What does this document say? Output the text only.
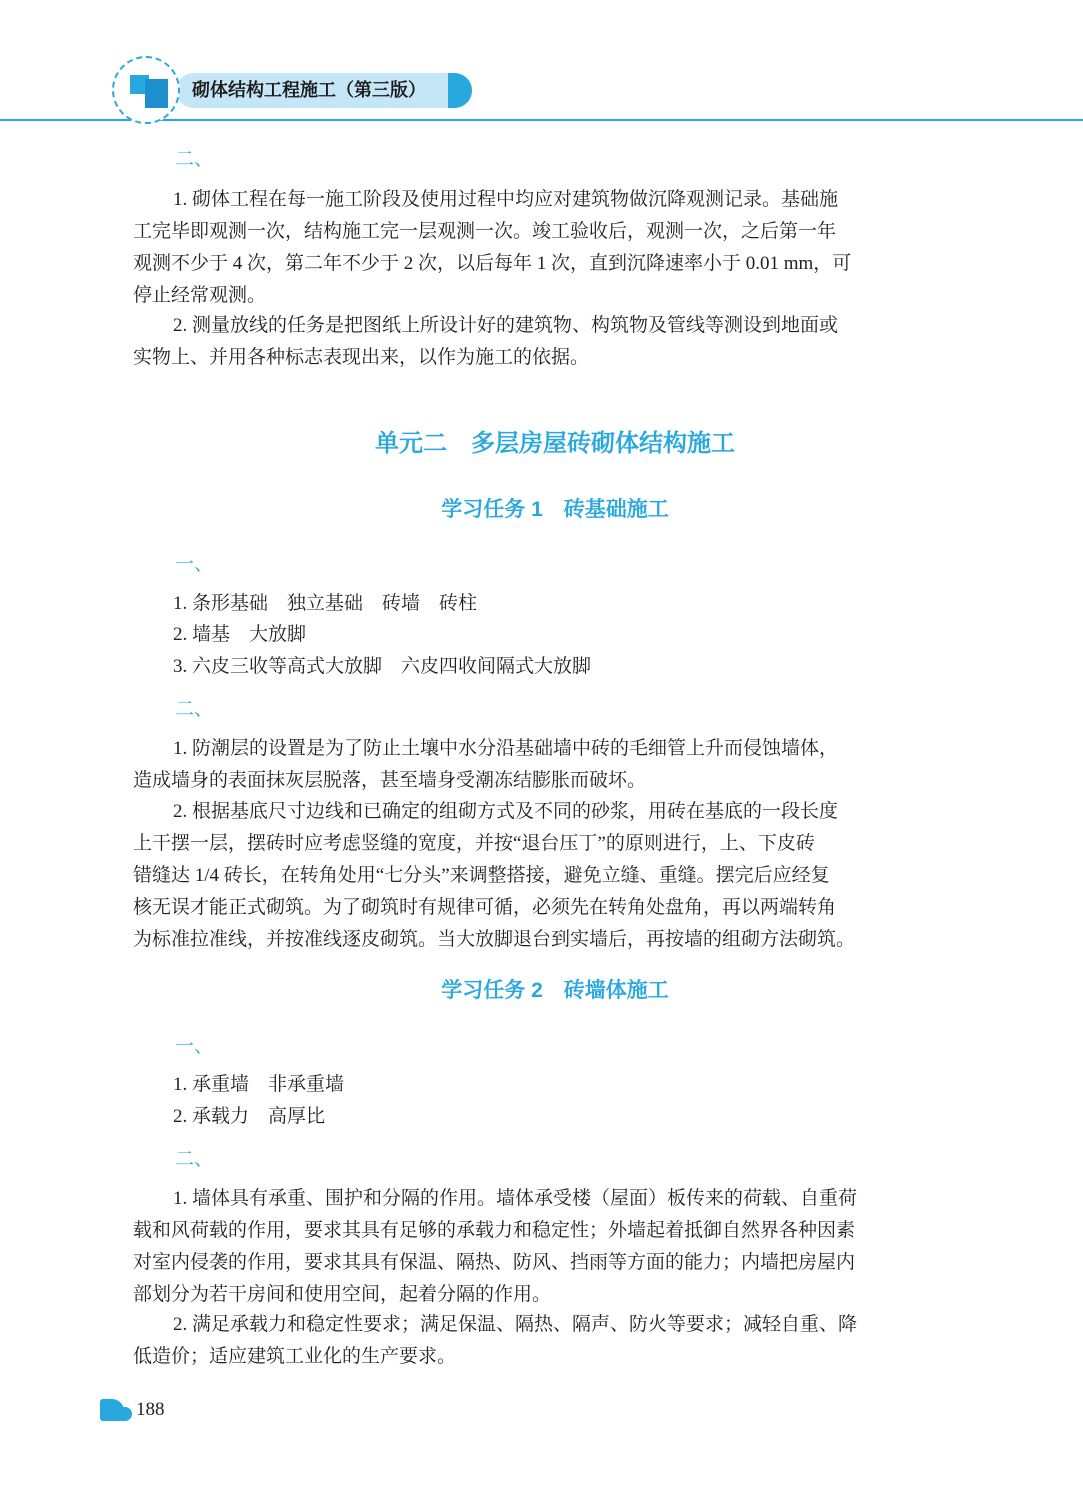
砌体结构工程施工（第三版）
二、
1. 砌体工程在每一施工阶段及使用过程中均应对建筑物做沉降观测记录。基础施
工完毕即观测一次，结构施工完一层观测一次。竣工验收后，观测一次，之后第一年
观测不少于 4 次，第二年不少于 2 次，以后每年 1 次，直到沉降速率小于 0.01 mm，可
停止经常观测。
2. 测量放线的任务是把图纸上所设计好的建筑物、构筑物及管线等测设到地面或
实物上、并用各种标志表现出来，以作为施工的依据。
单元二　多层房屋砖砌体结构施工
学习任务 1　砖基础施工
一、
1. 条形基础　独立基础　砖墙　砖柱
2. 墙基　大放脚
3. 六皮三收等高式大放脚　六皮四收间隔式大放脚
二、
1. 防潮层的设置是为了防止土壤中水分沿基础墙中砖的毛细管上升而侵蚀墙体，
造成墙身的表面抹灰层脱落，甚至墙身受潮冻结膨胀而破坏。
2. 根据基底尺寸边线和已确定的组砌方式及不同的砂浆，用砖在基底的一段长度
上干摆一层，摆砖时应考虑竖缝的宽度，并按“退台压丁”的原则进行，上、下皮砖
错缝达 1/4 砖长，在转角处用“七分头”来调整搭接，避免立缝、重缝。摆完后应经复
核无误才能正式砌筑。为了砌筑时有规律可循，必须先在转角处盘角，再以两端转角
为标准拉准线，并按准线逐皮砌筑。当大放脚退台到实墙后，再按墙的组砌方法砌筑。
学习任务 2　砖墙体施工
一、
1. 承重墙　非承重墙
2. 承载力　高厚比
二、
1. 墙体具有承重、围护和分隔的作用。墙体承受楼（屋面）板传来的荷载、自重荷
载和风荷载的作用，要求其具有足够的承载力和稳定性；外墙起着抵御自然界各种因素
对室内侵袭的作用，要求其具有保温、隔热、防风、挡雨等方面的能力；内墙把房屋内
部划分为若干房间和使用空间，起着分隔的作用。
2. 满足承载力和稳定性要求；满足保温、隔热、隔声、防火等要求；减轻自重、降
低造价；适应建筑工业化的生产要求。
188
